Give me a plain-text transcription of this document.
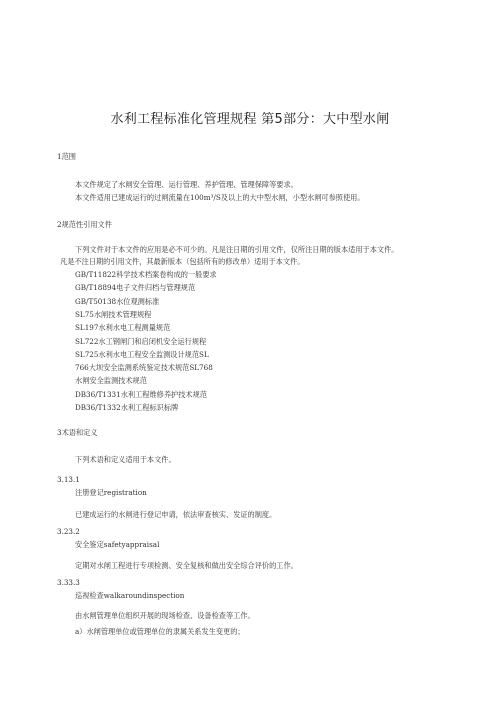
水利工程标准化管理规程 第5部分：大中型水闸
1范围
本文件规定了水闸安全管理、运行管理、养护管理、管理保障等要求。
本文件适用已建成运行的过闸流量在100m³/S及以上的大中型水闸，小型水闸可参照使用。
2规范性引用文件
下列文件对于本文件的应用是必不可少的。凡是注日期的引用文件，仅所注日期的版本适用于本文件。
凡是不注日期的引用文件，其最新版本（包括所有的修改单）适用于本文件。
GB/T11822科学技术档案卷构成的一般要求
GB/T18894电子文件归档与管理规范
GB/T50138水位观测标准
SL75水闸技术管理规程
SL197水利水电工程测量规范
SL722水工钢闸门和启闭机安全运行规程
SL725水利水电工程安全监测设计规范SL
766大坝安全监测系统鉴定技术规范SL768
水闸安全监测技术规范
DB36/T1331水利工程维修养护技术规范
DB36/T1332水利工程标识标牌
3术语和定义
下列术语和定义适用于本文件。
3.13.1
注册登记registration
已建成运行的水闸进行登记申请，依法审查核实、发证的制度。
3.23.2
安全鉴定safetyappraisal
定期对水闸工程进行专项检测、安全复核和做出安全综合评价的工作。
3.33.3
巡视检查walkaroundinspection
由水闸管理单位组织开展的现场检查、设备检查等工作。
a）水闸管理单位或管理单位的隶属关系发生变更的；
